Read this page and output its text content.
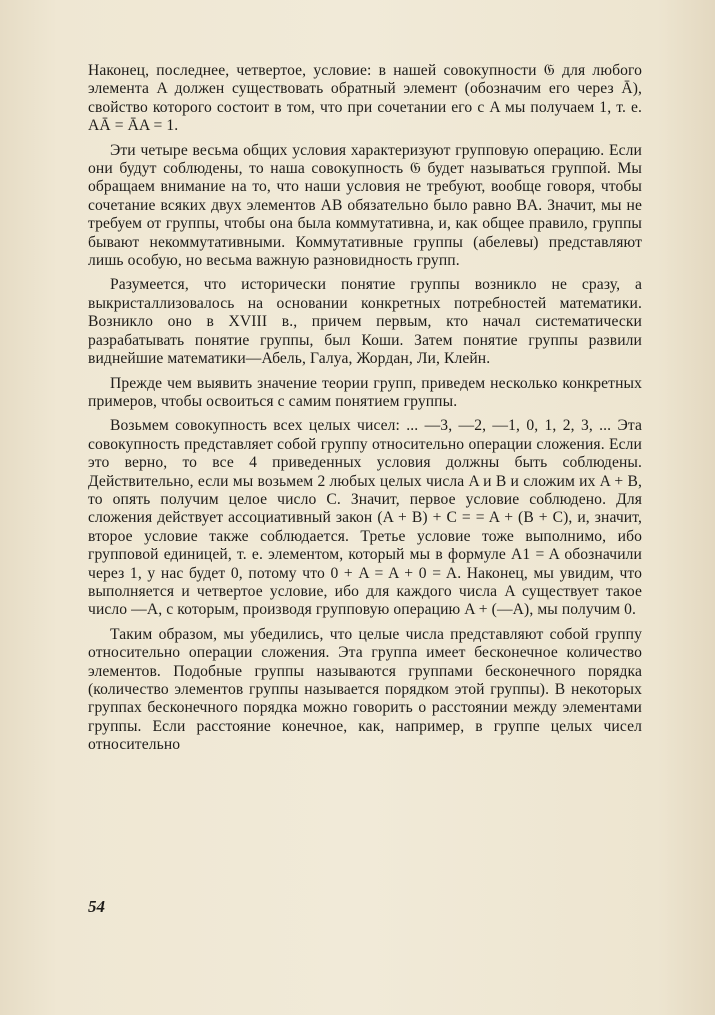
Наконец, последнее, четвертое, условие: в нашей совокупности 𝔊 для любого элемента A должен существовать обратный элемент (обозначим его через Ā), свойство которого состоит в том, что при сочетании его с A мы получаем 1, т. е. AĀ = ĀA = 1.

Эти четыре весьма общих условия характеризуют групповую операцию. Если они будут соблюдены, то наша совокупность 𝔊 будет называться группой. Мы обращаем внимание на то, что наши условия не требуют, вообще говоря, чтобы сочетание всяких двух элементов AB обязательно было равно BA. Значит, мы не требуем от группы, чтобы она была коммутативна, и, как общее правило, группы бывают некоммутативными. Коммутативные группы (абелевы) представляют лишь особую, но весьма важную разновидность групп.

Разумеется, что исторически понятие группы возникло не сразу, а выкристаллизовалось на основании конкретных потребностей математики. Возникло оно в XVIII в., причем первым, кто начал систематически разрабатывать понятие группы, был Коши. Затем понятие группы развили виднейшие математики—Абель, Галуа, Жордан, Ли, Клейн.

Прежде чем выявить значение теории групп, приведем несколько конкретных примеров, чтобы освоиться с самим понятием группы.

Возьмем совокупность всех целых чисел: ... —3, —2, —1, 0, 1, 2, 3, ... Эта совокупность представляет собой группу относительно операции сложения. Если это верно, то все 4 приведенных условия должны быть соблюдены. Действительно, если мы возьмем 2 любых целых числа A и B и сложим их A + B, то опять получим целое число C. Значит, первое условие соблюдено. Для сложения действует ассоциативный закон (A + B) + C = = A + (B + C), и, значит, второе условие также соблюдается. Третье условие тоже выполнимо, ибо групповой единицей, т. е. элементом, который мы в формуле A1 = A обозначили через 1, у нас будет 0, потому что 0 + A = A + 0 = A. Наконец, мы увидим, что выполняется и четвертое условие, ибо для каждого числа A существует такое число —A, с которым, производя групповую операцию A + (—A), мы получим 0.

Таким образом, мы убедились, что целые числа представляют собой группу относительно операции сложения. Эта группа имеет бесконечное количество элементов. Подобные группы называются группами бесконечного порядка (количество элементов группы называется порядком этой группы). В некоторых группах бесконечного порядка можно говорить о расстоянии между элементами группы. Если расстояние конечное, как, например, в группе целых чисел относительно

54
